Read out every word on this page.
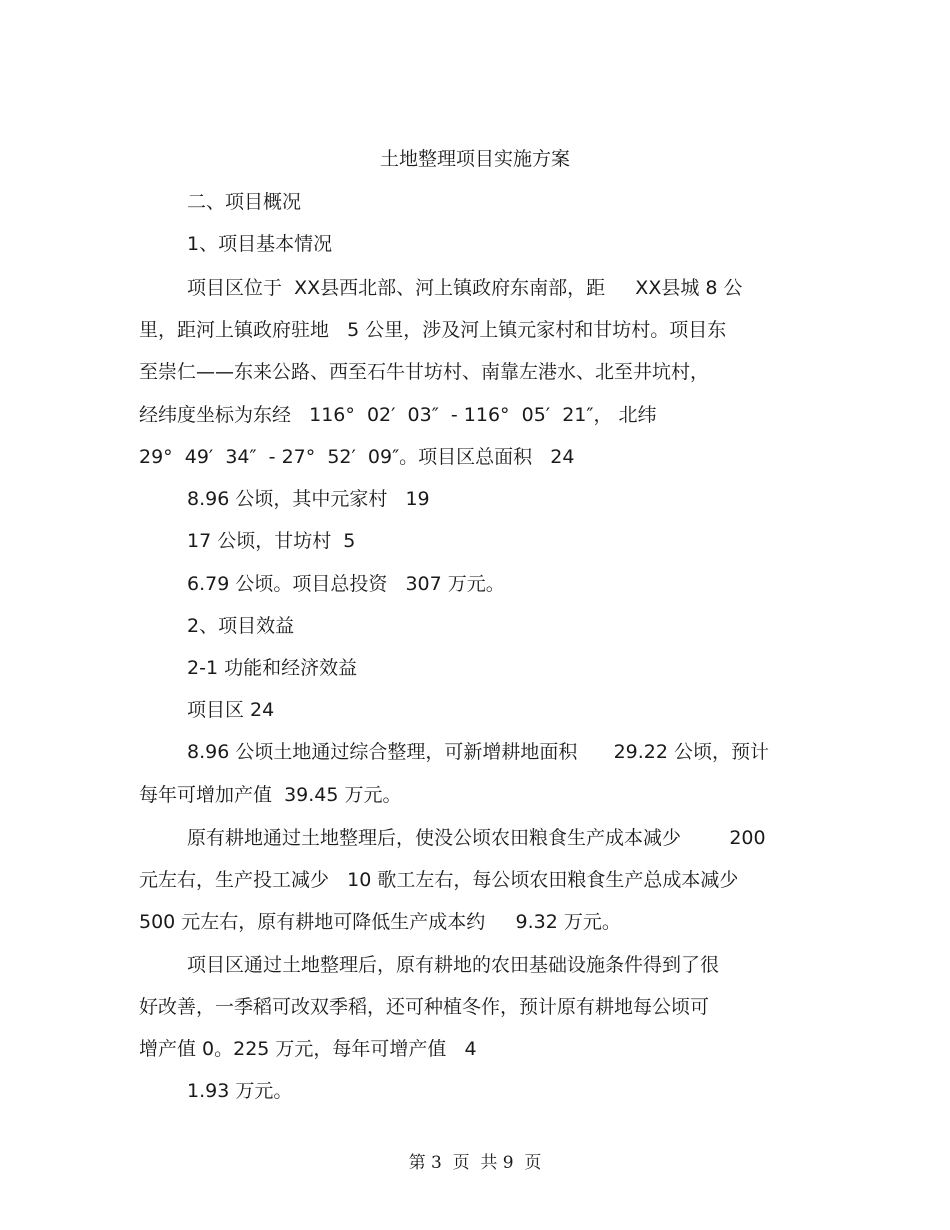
土地整理项目实施方案
二、项目概况
1、项目基本情况
项目区位于  XX县西北部、河上镇政府东南部，距     XX县城 8 公
里，距河上镇政府驻地   5 公里，涉及河上镇元家村和甘坊村。项目东
至崇仁——东来公路、西至石牛甘坊村、南靠左港水、北至井坑村，
经纬度坐标为东经   116°  02′  03″  - 116°  05′  21″， 北纬
29°  49′  34″  - 27°  52′  09″。项目区总面积   24
8.96 公顷，其中元家村   19
17 公顷，甘坊村  5
6.79 公顷。项目总投资   307 万元。
2、项目效益
2-1 功能和经济效益
项目区 24
8.96 公顷土地通过综合整理，可新增耕地面积      29.22 公顷，预计
每年可增加产值  39.45 万元。
原有耕地通过土地整理后，使没公顷农田粮食生产成本减少        200
元左右，生产投工减少   10 歌工左右，每公顷农田粮食生产总成本减少
500 元左右，原有耕地可降低生产成本约     9.32 万元。
项目区通过土地整理后，原有耕地的农田基础设施条件得到了很
好改善，一季稻可改双季稻，还可种植冬作，预计原有耕地每公顷可
增产值 0。225 万元，每年可增产值   4
1.93 万元。
第 3  页  共 9  页
